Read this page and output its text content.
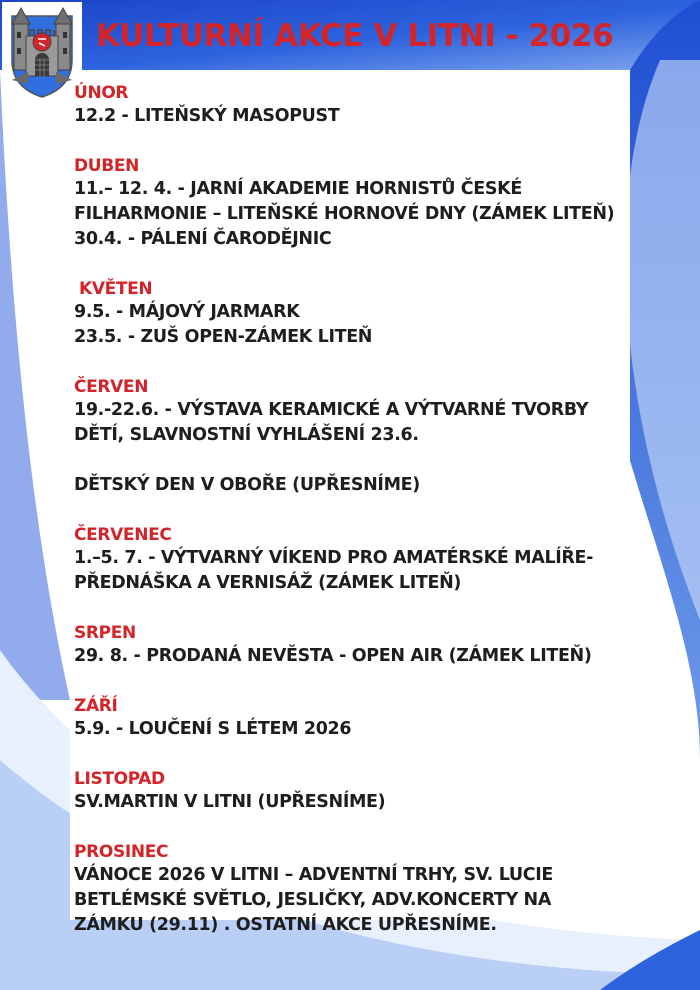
KULTURNÍ AKCE V LITNI - 2026
ÚNOR
12.2 - LITEŇSKÝ MASOPUST
DUBEN
11.– 12. 4. - JARNÍ AKADEMIE HORNISTŮ ČESKÉ
FILHARMONIE – LITEŇSKÉ HORNOVÉ DNY (ZÁMEK LITEŇ)
30.4. - PÁLENÍ ČARODĚJNIC
KVĚTEN
9.5. - MÁJOVÝ JARMARK
23.5. - ZUŠ OPEN-ZÁMEK LITEŇ
ČERVEN
19.-22.6. - VÝSTAVA KERAMICKÉ A VÝTVARNÉ TVORBY
DĚTÍ, SLAVNOSTNÍ VYHLÁŠENÍ 23.6.
DĚTSKÝ DEN V OBOŘE (UPŘESNÍME)
ČERVENEC
1.–5. 7. - VÝTVARNÝ VÍKEND PRO AMATÉRSKÉ MALÍŘE-
PŘEDNÁŠKA A VERNISÁŽ (ZÁMEK LITEŇ)
SRPEN
29. 8. - PRODANÁ NEVĚSTA - OPEN AIR (ZÁMEK LITEŇ)
ZÁŘÍ
5.9. - LOUČENÍ S LÉTEM 2026
LISTOPAD
SV.MARTIN V LITNI (UPŘESNÍME)
PROSINEC
VÁNOCE 2026 V LITNI – ADVENTNÍ TRHY, SV. LUCIE
BETLÉMSKÉ SVĚTLO, JESLIČKY, ADV.KONCERTY NA
ZÁMKU (29.11) . OSTATNÍ AKCE UPŘESNÍME.
